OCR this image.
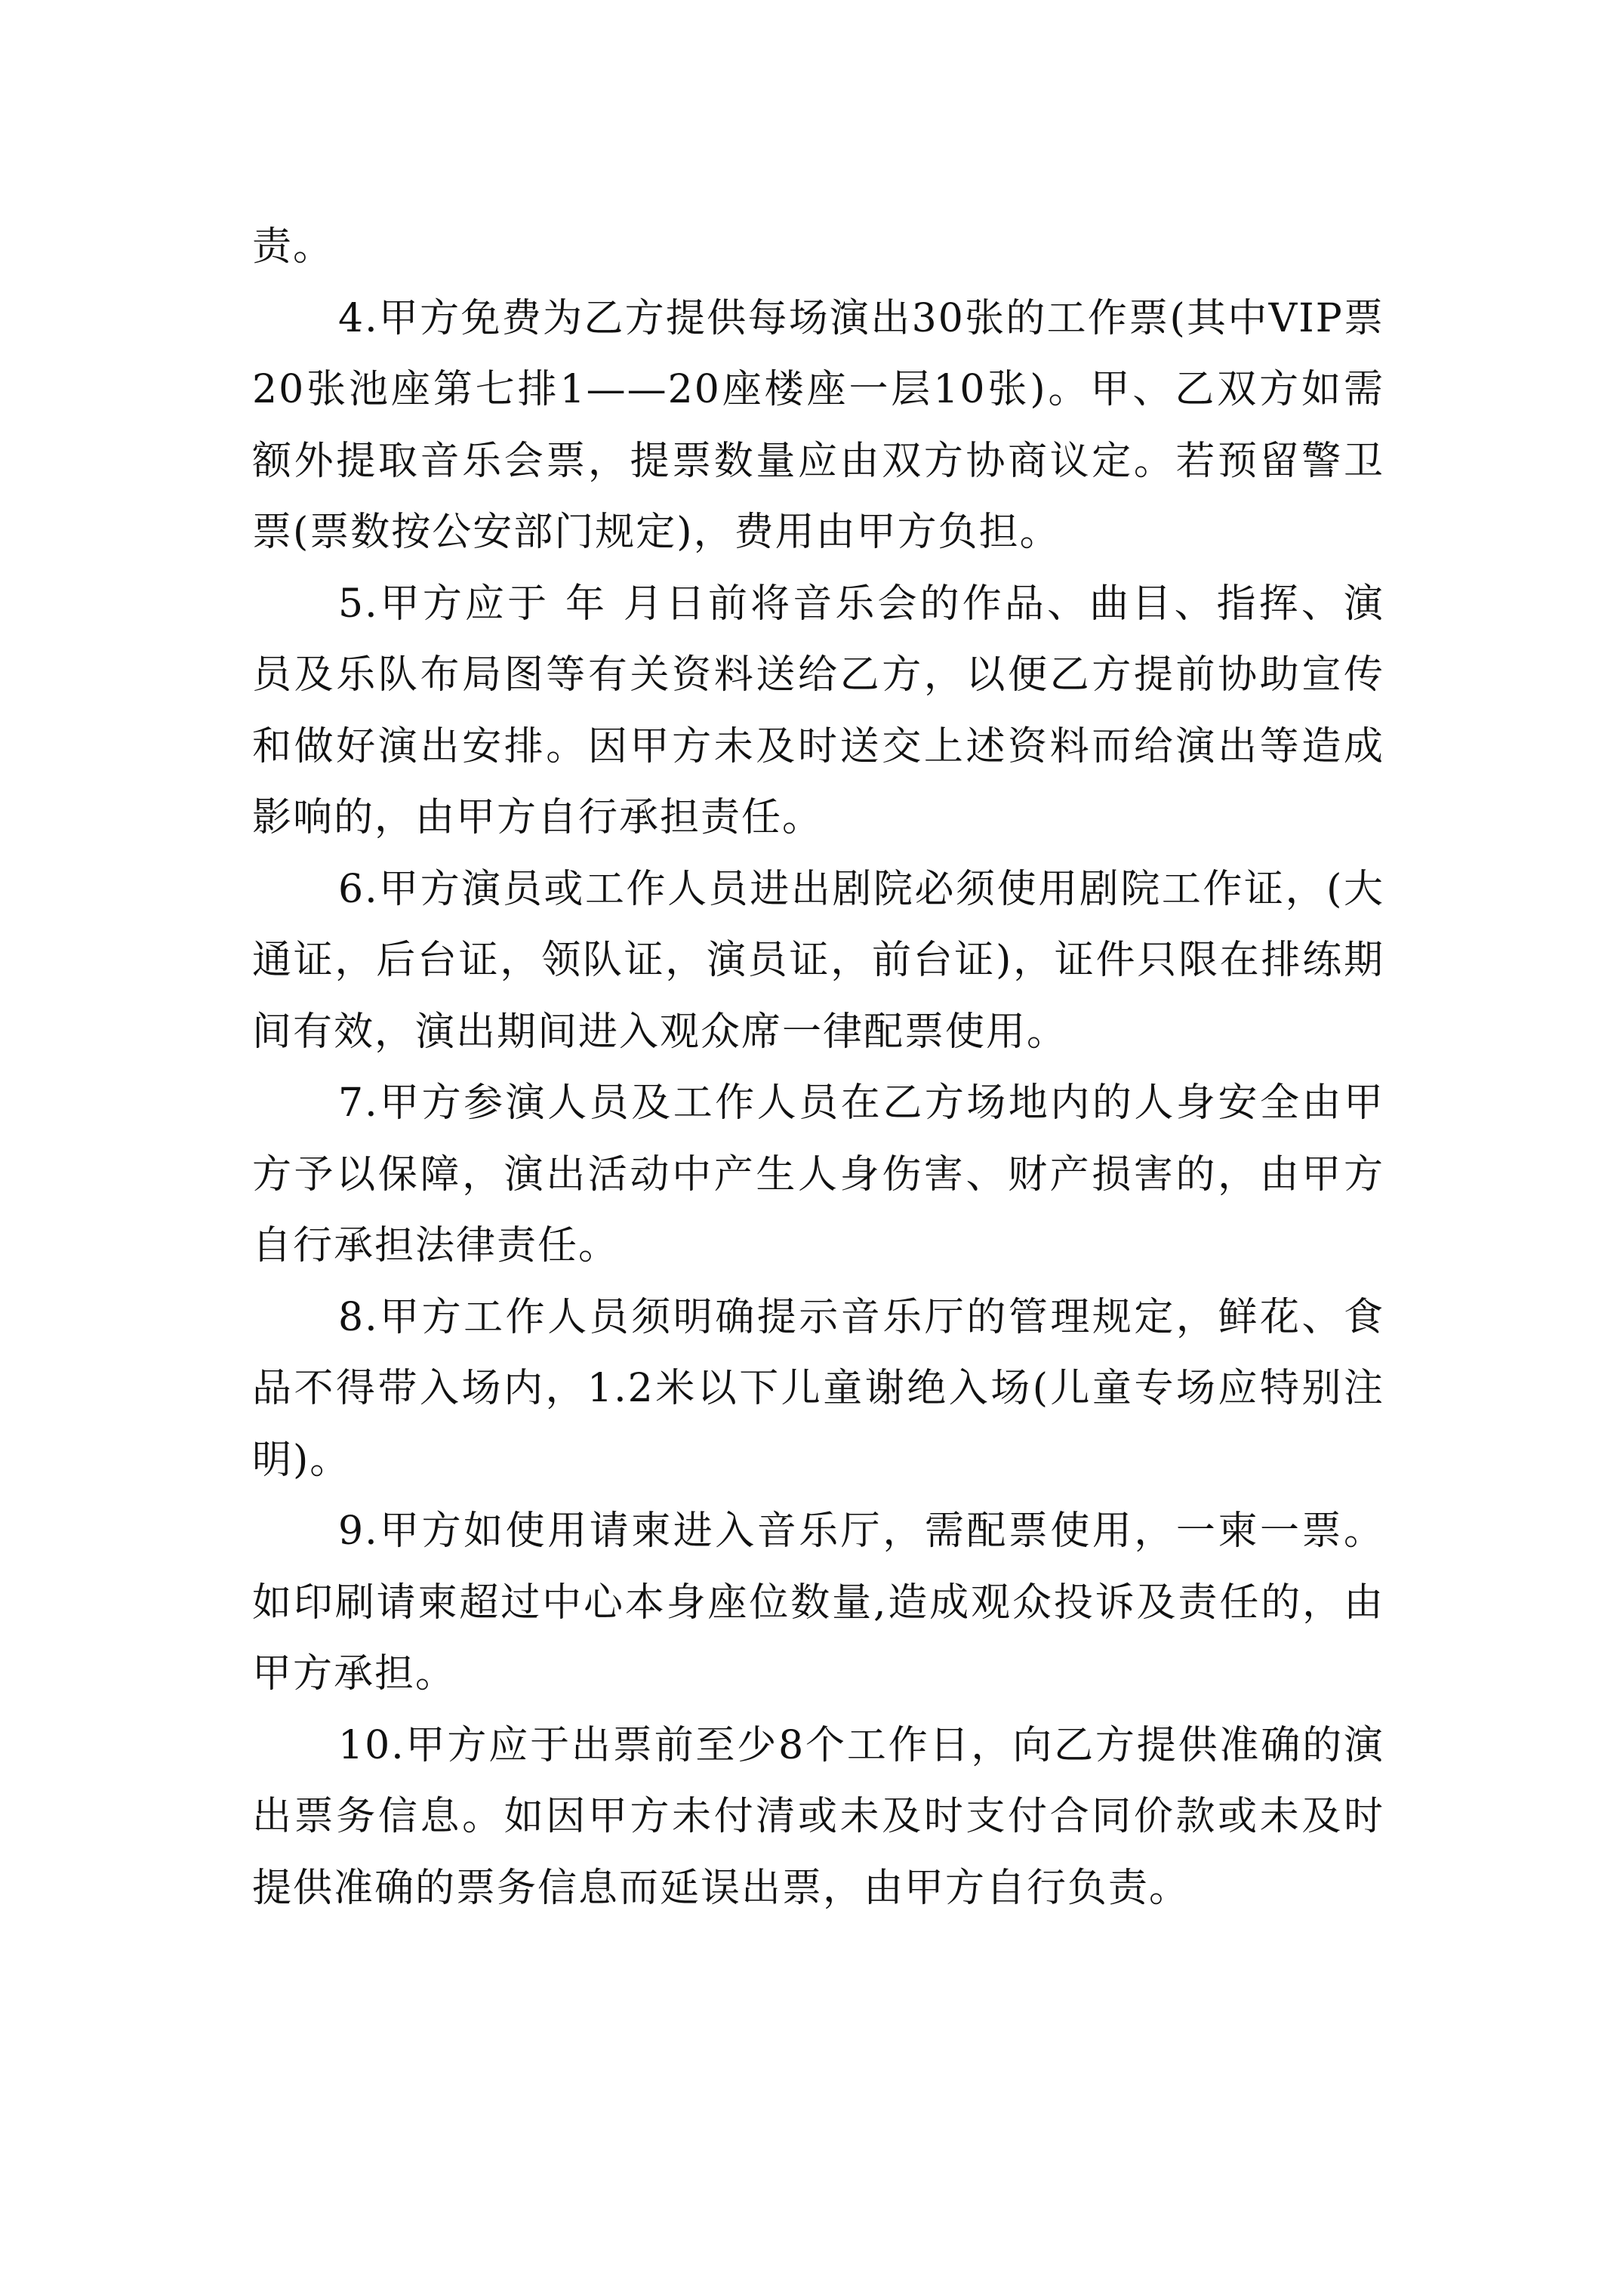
责。

4.甲方免费为乙方提供每场演出30张的工作票(其中VIP票20张池座第七排1——20座楼座一层10张)。甲、乙双方如需额外提取音乐会票，提票数量应由双方协商议定。若预留警卫票(票数按公安部门规定)，费用由甲方负担。

5.甲方应于 年 月日前将音乐会的作品、曲目、指挥、演员及乐队布局图等有关资料送给乙方，以便乙方提前协助宣传和做好演出安排。因甲方未及时送交上述资料而给演出等造成影响的，由甲方自行承担责任。

6.甲方演员或工作人员进出剧院必须使用剧院工作证，(大通证，后台证，领队证，演员证，前台证)，证件只限在排练期间有效，演出期间进入观众席一律配票使用。

7.甲方参演人员及工作人员在乙方场地内的人身安全由甲方予以保障，演出活动中产生人身伤害、财产损害的，由甲方自行承担法律责任。

8.甲方工作人员须明确提示音乐厅的管理规定，鲜花、食品不得带入场内，1.2米以下儿童谢绝入场(儿童专场应特别注明)。

9.甲方如使用请柬进入音乐厅，需配票使用，一柬一票。如印刷请柬超过中心本身座位数量,造成观众投诉及责任的，由甲方承担。

10.甲方应于出票前至少8个工作日，向乙方提供准确的演出票务信息。如因甲方未付清或未及时支付合同价款或未及时提供准确的票务信息而延误出票，由甲方自行负责。
